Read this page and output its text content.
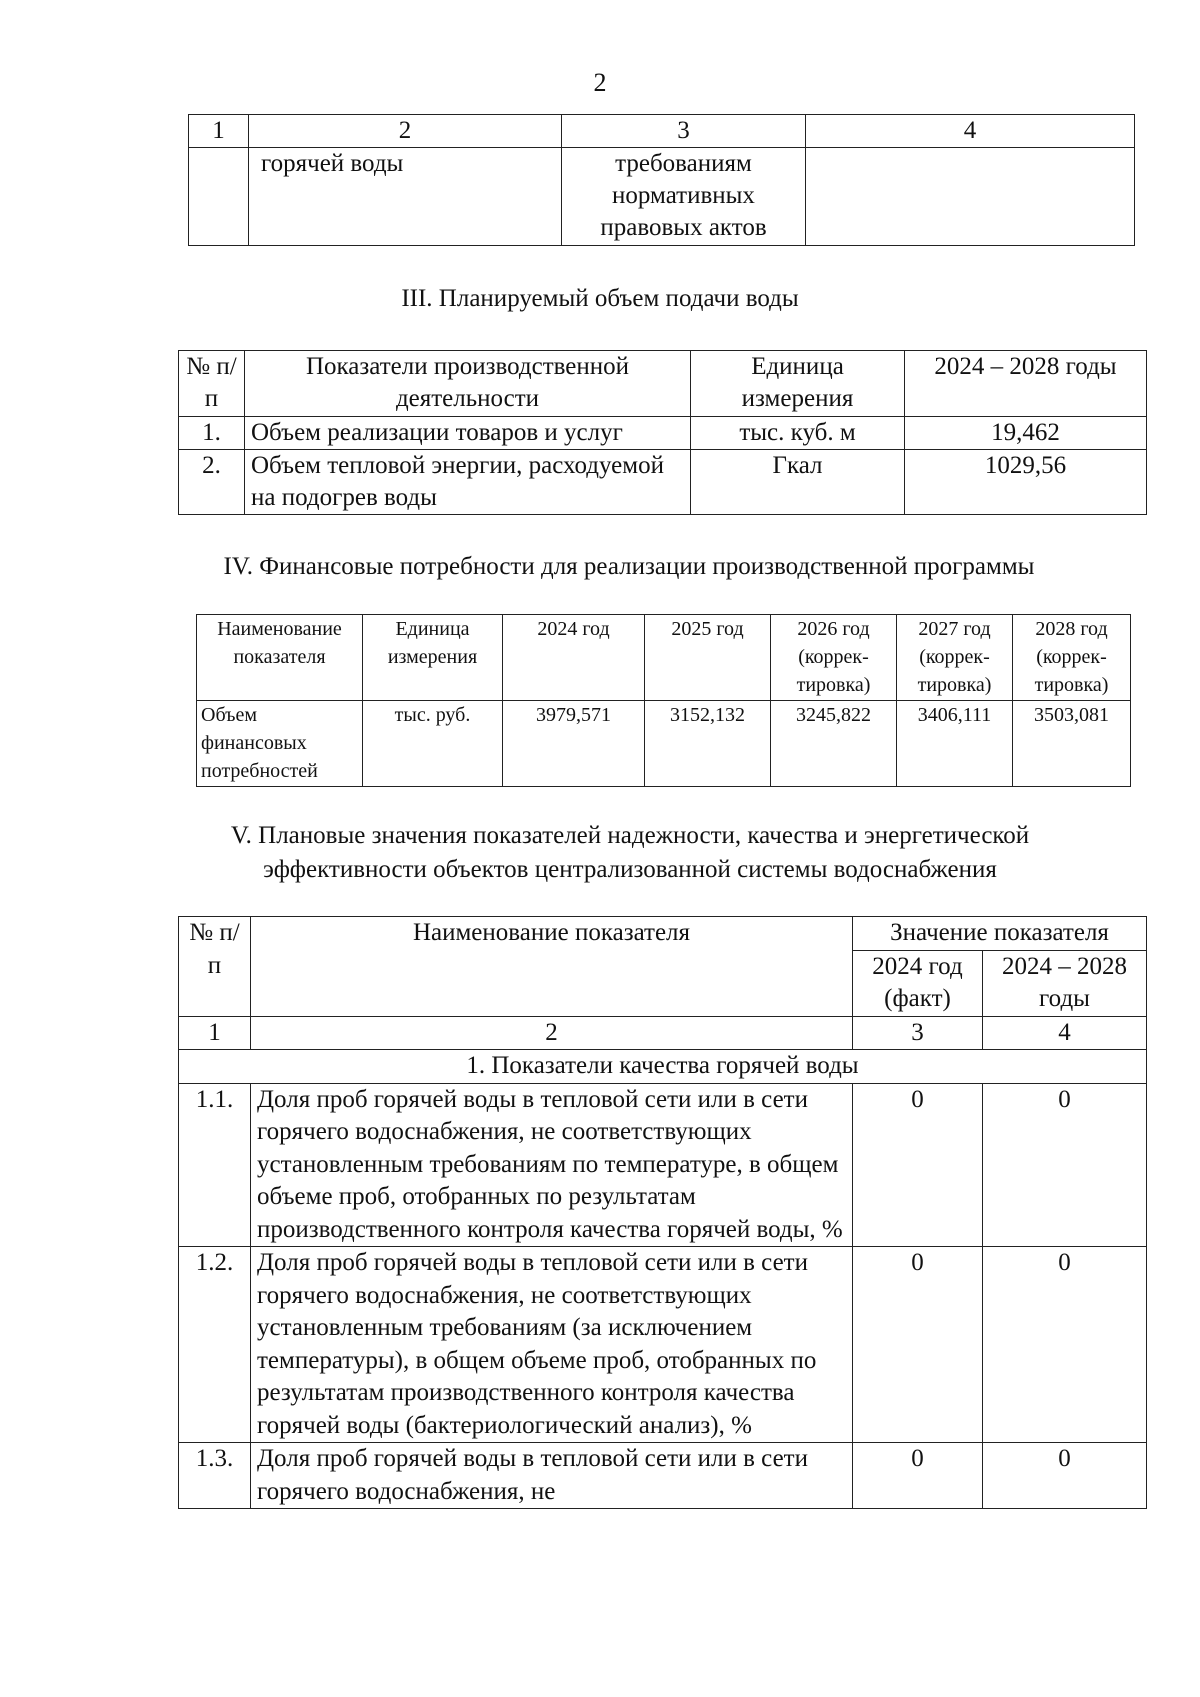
2
1	2	3	4
	горячей воды	требованиям нормативных правовых актов	
III. Планируемый объем подачи воды
№ п/п	Показатели производственной деятельности	Единица измерения	2024 – 2028 годы
1.	Объем реализации товаров и услуг	тыс. куб. м	19,462
2.	Объем тепловой энергии, расходуемой на подогрев воды	Гкал	1029,56
IV. Финансовые потребности для реализации производственной программы
Наименование показателя	Единица измерения	2024 год	2025 год	2026 год (коррек-тировка)	2027 год (коррек-тировка)	2028 год (коррек-тировка)
Объем финансовых потребностей	тыс. руб.	3979,571	3152,132	3245,822	3406,111	3503,081
V. Плановые значения показателей надежности, качества и энергетической
эффективности объектов централизованной системы водоснабжения
№ п/п	Наименование показателя	Значение показателя	
		2024 год (факт)	2024 – 2028 годы
1	2	3	4
1. Показатели качества горячей воды			
1.1.	Доля проб горячей воды в тепловой сети или в сети горячего водоснабжения, не соответствующих установленным требованиям по температуре, в общем объеме проб, отобранных по результатам производственного контроля качества горячей воды, %	0	0
1.2.	Доля проб горячей воды в тепловой сети или в сети горячего водоснабжения, не соответствующих установленным требованиям (за исключением температуры), в общем объеме проб, отобранных по результатам производственного контроля качества горячей воды (бактериологический анализ), %	0	0
1.3.	Доля проб горячей воды в тепловой сети или в сети горячего водоснабжения, не	0	0
